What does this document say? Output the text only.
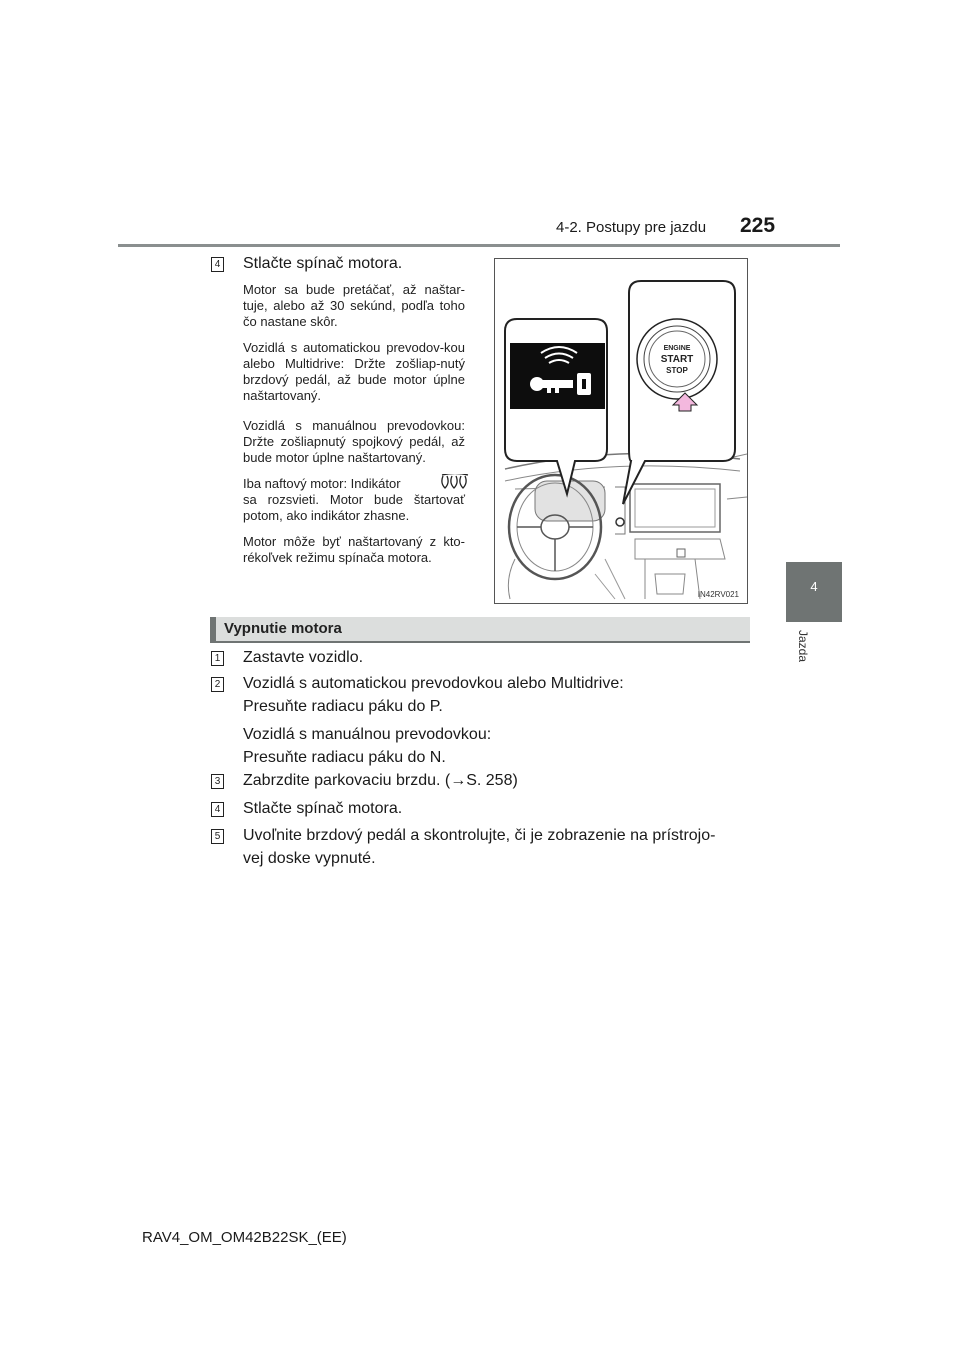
4-2. Postupy pre jazdu 225
4
Jazda
4 Stlačte spínač motora.
Motor sa bude pretáčať, až naštar-tuje, alebo až 30 sekúnd, podľa toho čo nastane skôr.
Vozidlá s automatickou prevodov-kou alebo Multidrive: Držte zošliap-nutý brzdový pedál, až bude motor úplne naštartovaný.
Vozidlá s manuálnou prevodovkou: Držte zošliapnutý spojkový pedál, až bude motor úplne naštartovaný.
Iba naftový motor: Indikátor
sa rozsvieti. Motor bude štartovať potom, ako indikátor zhasne.
Motor môže byť naštartovaný z kto-rékoľvek režimu spínača motora.
ENGINE
START
STOP
IN42RV021
Vypnutie motora
1 Zastavte vozidlo.
2 Vozidlá s automatickou prevodovkou alebo Multidrive:
Presuňte radiacu páku do P.
Vozidlá s manuálnou prevodovkou:
Presuňte radiacu páku do N.
3 Zabrzdite parkovaciu brzdu. (→S. 258)
4 Stlačte spínač motora.
5 Uvoľnite brzdový pedál a skontrolujte, či je zobrazenie na prístrojo-
vej doske vypnuté.
RAV4_OM_OM42B22SK_(EE)
